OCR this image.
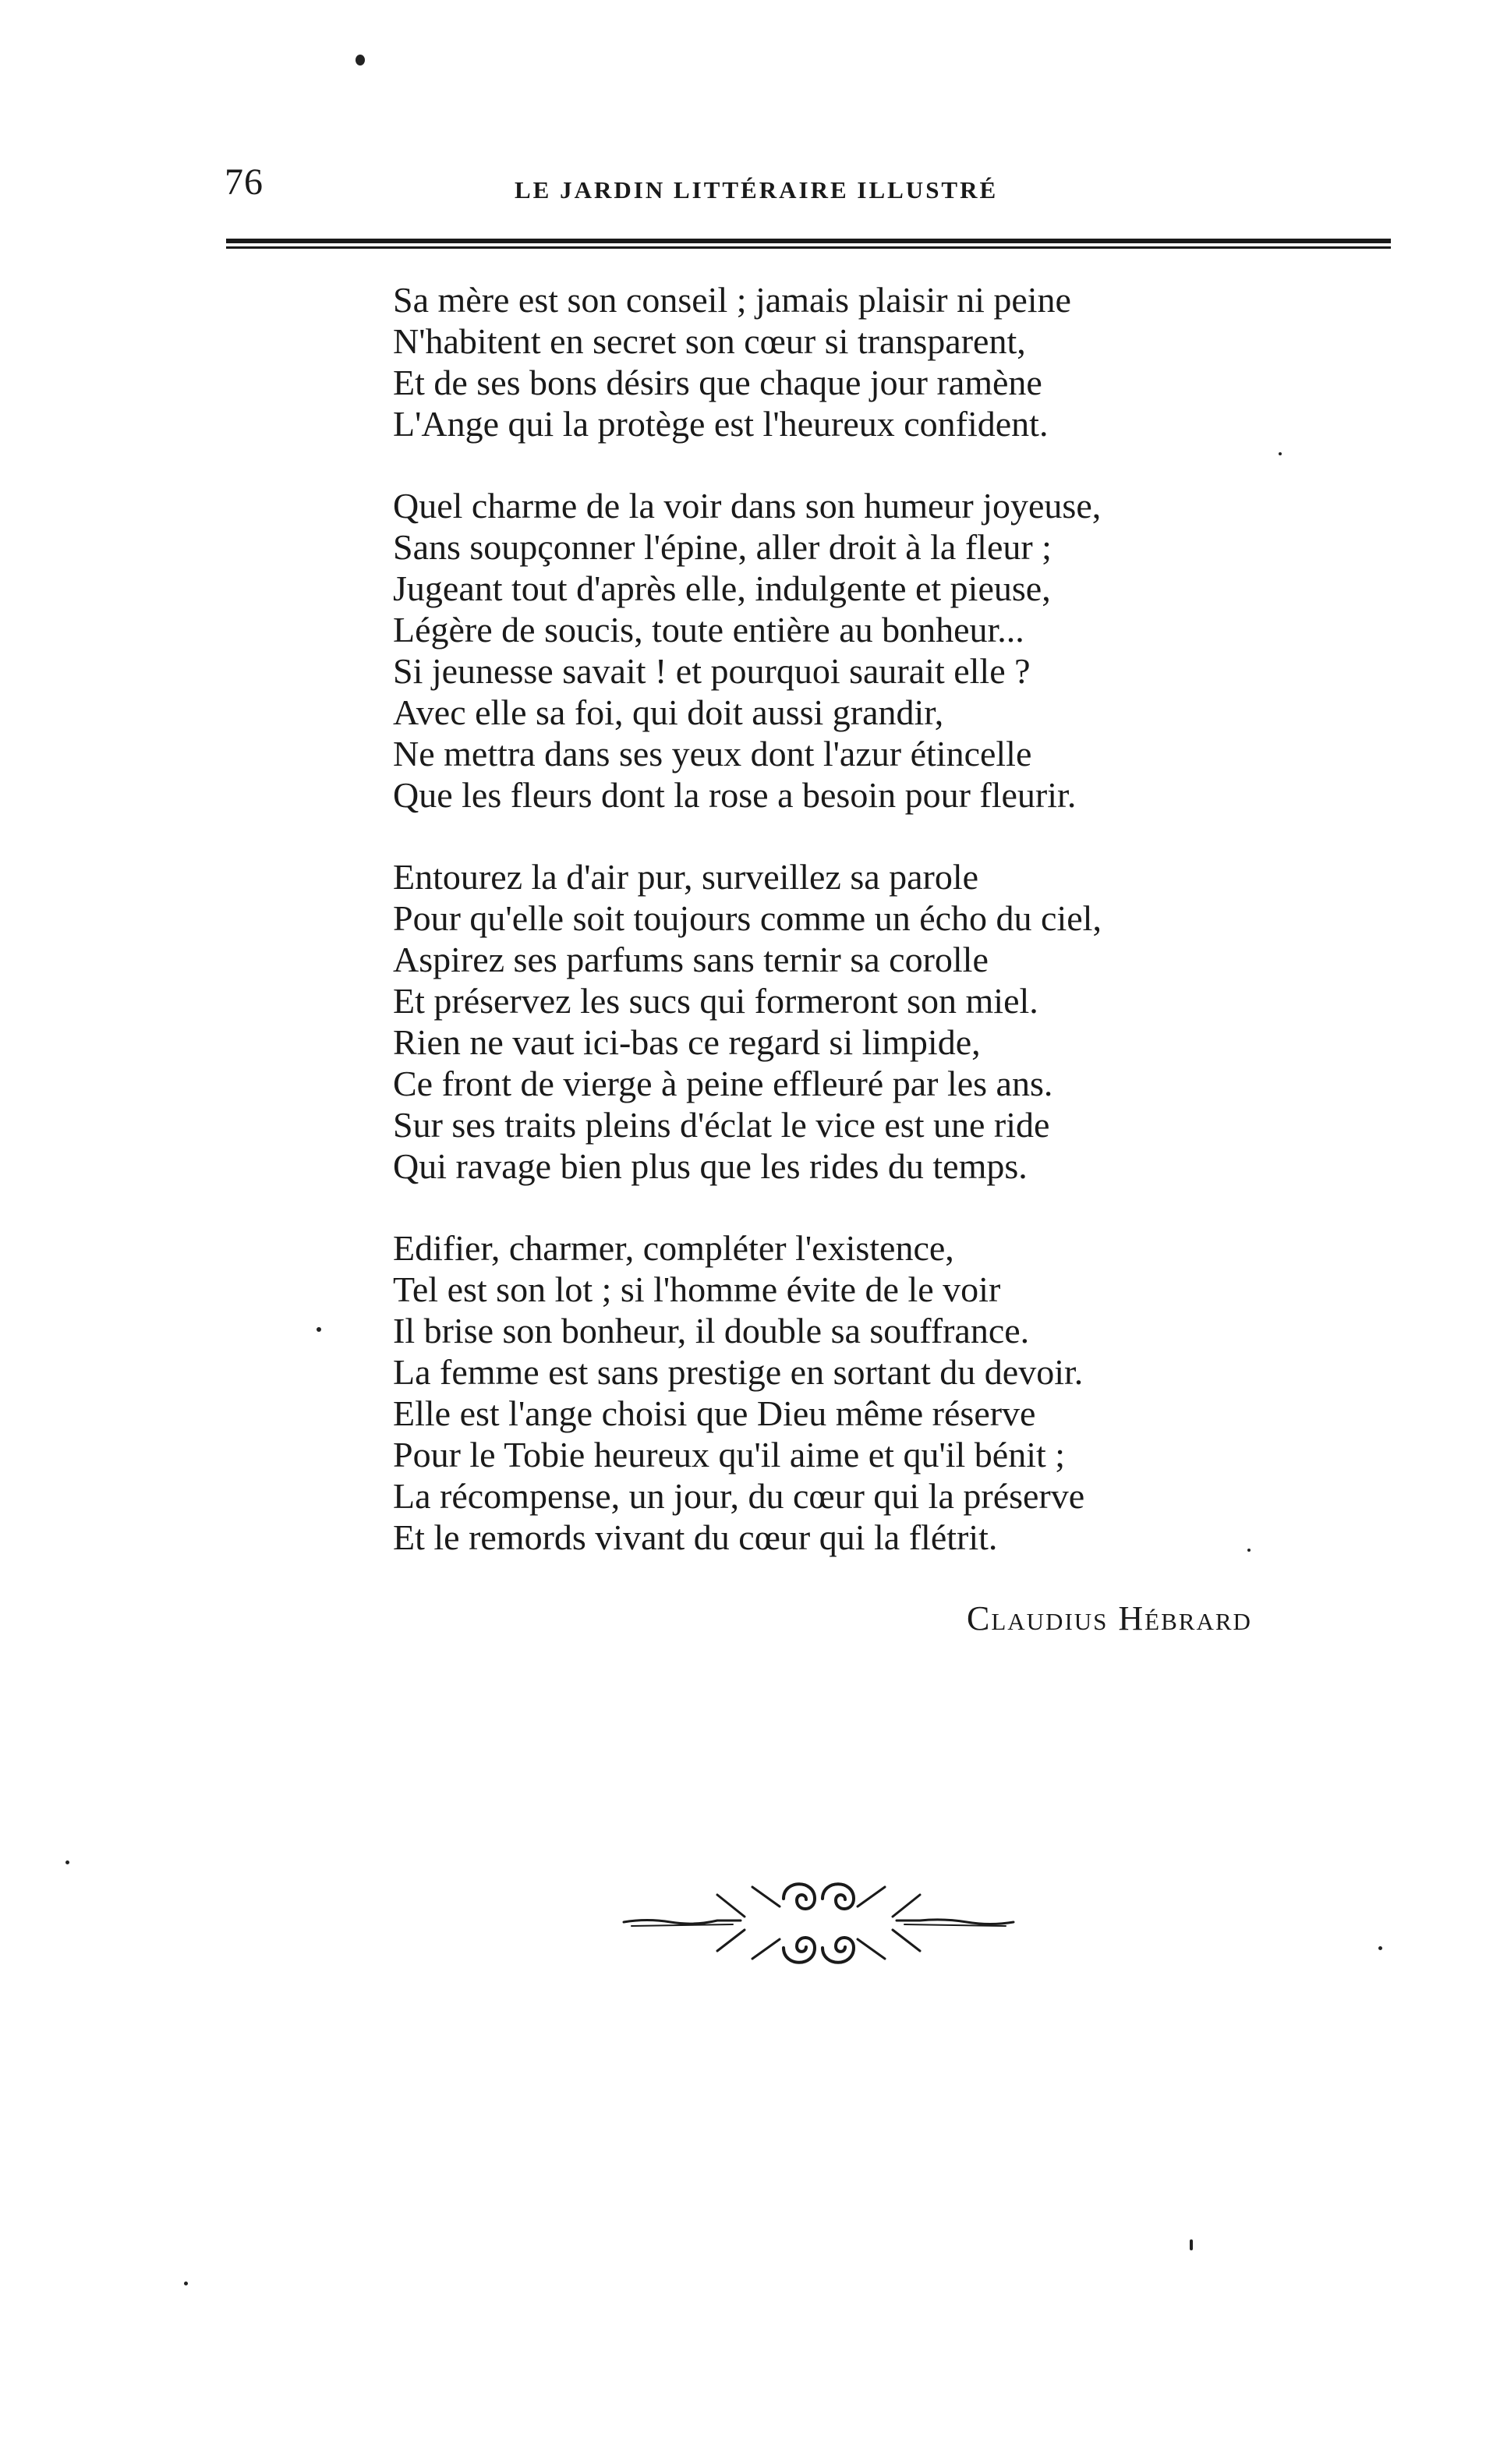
76	LE JARDIN LITTÉRAIRE ILLUSTRÉ
Sa mère est son conseil ; jamais plaisir ni peine
N'habitent en secret son cœur si transparent,
Et de ses bons désirs que chaque jour ramène
L'Ange qui la protège est l'heureux confident.
Quel charme de la voir dans son humeur joyeuse,
Sans soupçonner l'épine, aller droit à la fleur ;
Jugeant tout d'après elle, indulgente et pieuse,
Légère de soucis, toute entière au bonheur...
Si jeunesse savait ! et pourquoi saurait elle ?
Avec elle sa foi, qui doit aussi grandir,
Ne mettra dans ses yeux dont l'azur étincelle
Que les fleurs dont la rose a besoin pour fleurir.
Entourez la d'air pur, surveillez sa parole
Pour qu'elle soit toujours comme un écho du ciel,
Aspirez ses parfums sans ternir sa corolle
Et préservez les sucs qui formeront son miel.
Rien ne vaut ici-bas ce regard si limpide,
Ce front de vierge à peine effleuré par les ans.
Sur ses traits pleins d'éclat le vice est une ride
Qui ravage bien plus que les rides du temps.
Edifier, charmer, compléter l'existence,
Tel est son lot ; si l'homme évite de le voir
Il brise son bonheur, il double sa souffrance.
La femme est sans prestige en sortant du devoir.
Elle est l'ange choisi que Dieu même réserve
Pour le Tobie heureux qu'il aime et qu'il bénit ;
La récompense, un jour, du cœur qui la préserve
Et le remords vivant du cœur qui la flétrit.
Claudius Hébrard
